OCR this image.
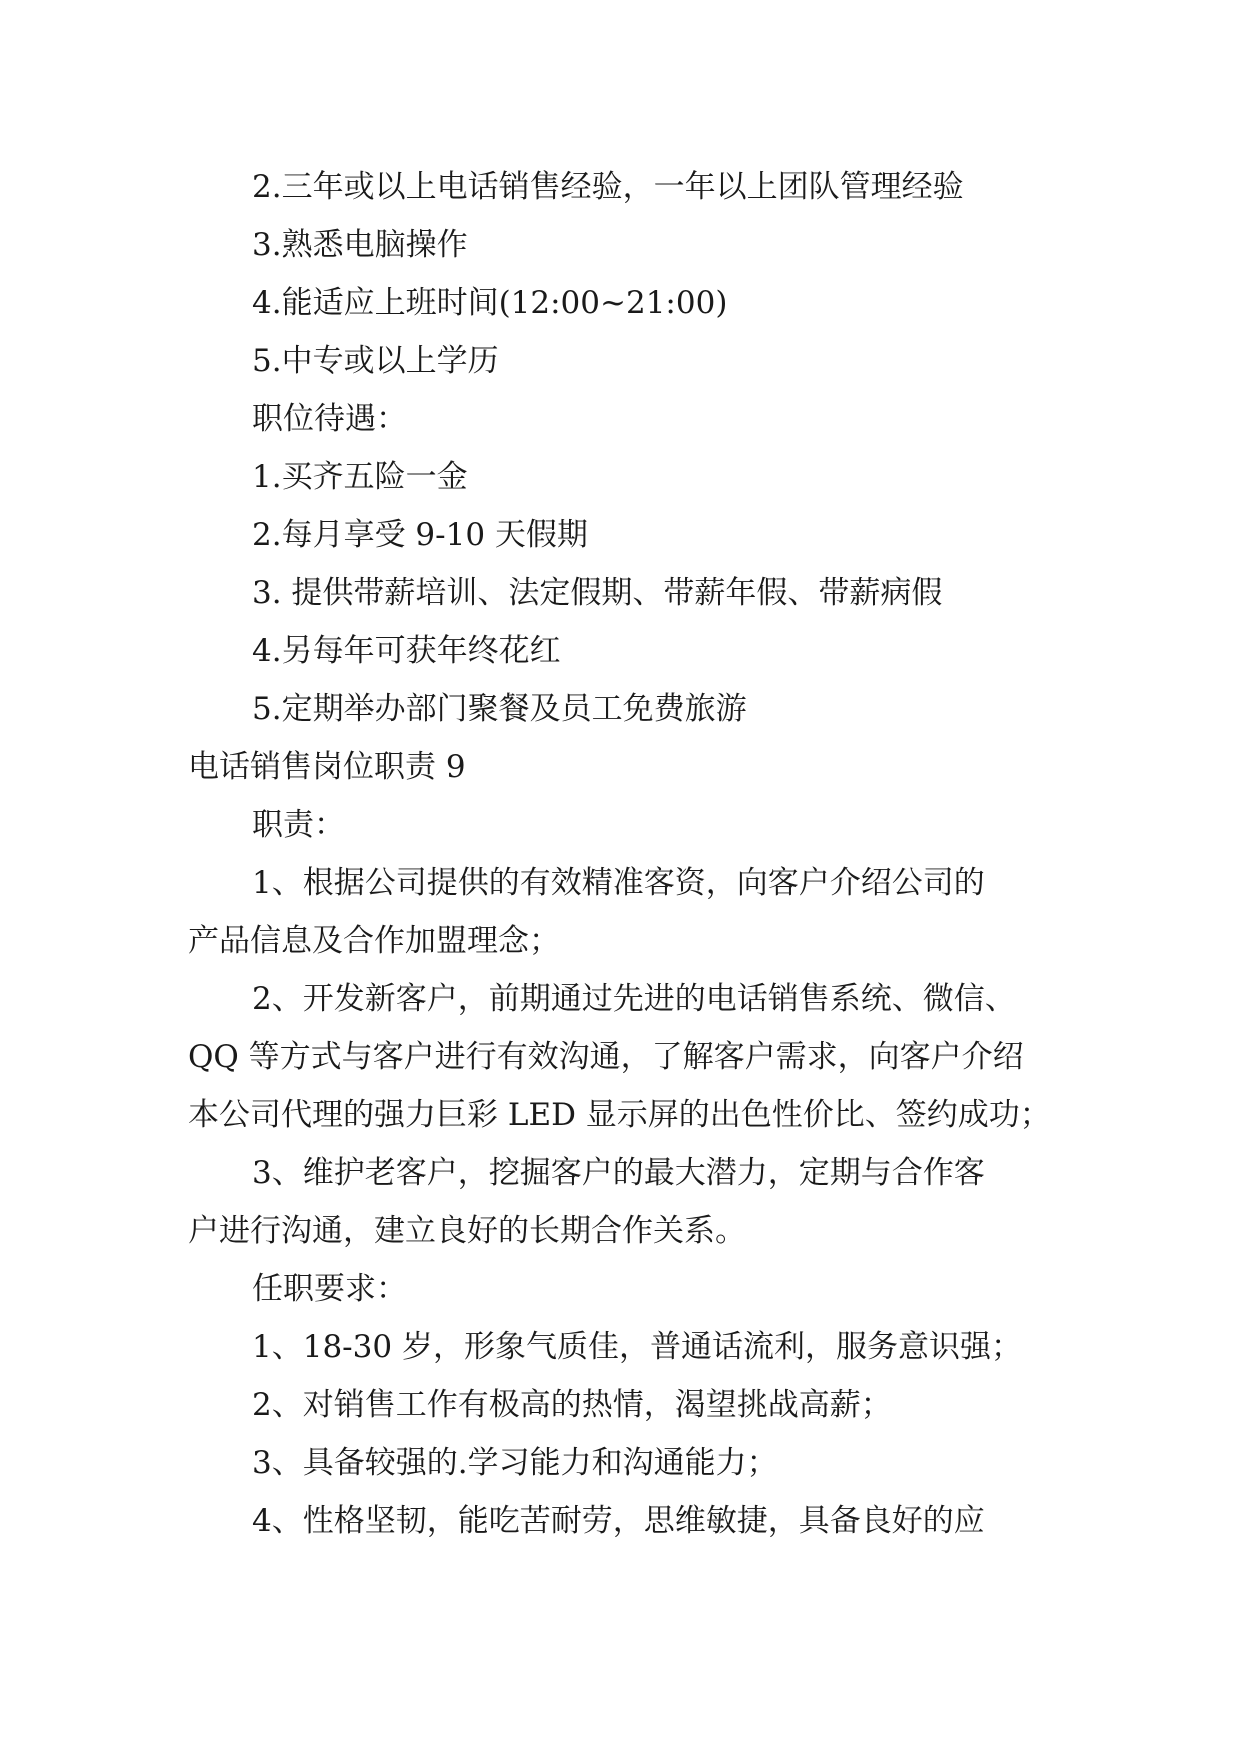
2.三年或以上电话销售经验，一年以上团队管理经验
3.熟悉电脑操作
4.能适应上班时间(12:00~21:00)
5.中专或以上学历
职位待遇：
1.买齐五险一金
2.每月享受 9-10 天假期
3. 提供带薪培训、法定假期、带薪年假、带薪病假
4.另每年可获年终花红
5.定期举办部门聚餐及员工免费旅游
电话销售岗位职责 9
职责：
1、根据公司提供的有效精准客资，向客户介绍公司的
产品信息及合作加盟理念；
2、开发新客户，前期通过先进的电话销售系统、微信、
QQ 等方式与客户进行有效沟通，了解客户需求，向客户介绍
本公司代理的强力巨彩 LED 显示屏的出色性价比、签约成功；
3、维护老客户，挖掘客户的最大潜力，定期与合作客
户进行沟通，建立良好的长期合作关系。
任职要求：
1、18-30 岁，形象气质佳，普通话流利，服务意识强；
2、对销售工作有极高的热情，渴望挑战高薪；
3、具备较强的.学习能力和沟通能力；
4、性格坚韧，能吃苦耐劳，思维敏捷，具备良好的应
